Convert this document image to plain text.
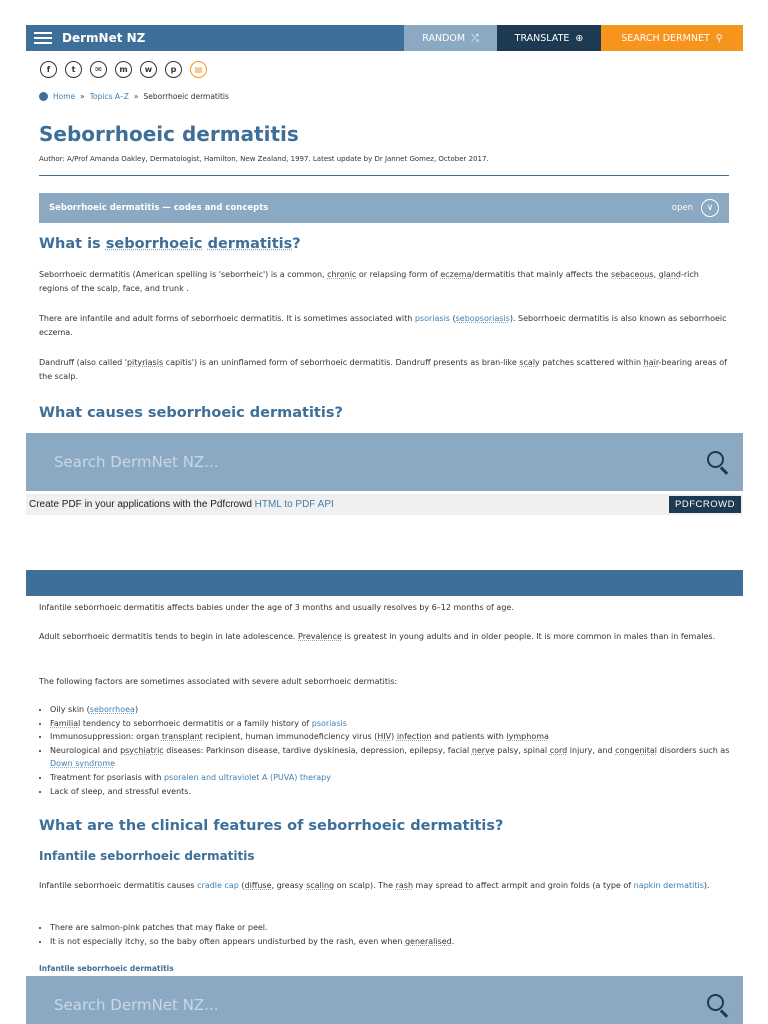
DermNet NZ	RANDOM ⤮	TRANSLATE ⊕	SEARCH DERMNET ⚲
f	t	✉	m	w	p	▤
Home » Topics A–Z » Seborrhoeic dermatitis
Seborrhoeic dermatitis
Author: A/Prof Amanda Oakley, Dermatologist, Hamilton, New Zealand, 1997. Latest update by Dr Jannet Gomez, October 2017.
Seborrhoeic dermatitis — codes and concepts	open	∨
What is seborrhoeic dermatitis?

Seborrhoeic dermatitis (American spelling is 'seborrheic') is a common, chronic or relapsing form of eczema/dermatitis that mainly affects the sebaceous, gland-rich regions of the scalp, face, and trunk .

There are infantile and adult forms of seborrhoeic dermatitis. It is sometimes associated with psoriasis (sebopsoriasis). Seborrhoeic dermatitis is also known as seborrhoeic eczema.

Dandruff (also called 'pityriasis capitis') is an uninflamed form of seborrhoeic dermatitis. Dandruff presents as bran-like scaly patches scattered within hair-bearing areas of the scalp.

What causes seborrhoeic dermatitis?
Search DermNet NZ...
Create PDF in your applications with the Pdfcrowd HTML to PDF API	PDFCROWD

Infantile seborrhoeic dermatitis affects babies under the age of 3 months and usually resolves by 6–12 months of age.

Adult seborrhoeic dermatitis tends to begin in late adolescence. Prevalence is greatest in young adults and in older people. It is more common in males than in females.

The following factors are sometimes associated with severe adult seborrhoeic dermatitis:

• Oily skin (seborrhoea)
• Familial tendency to seborrhoeic dermatitis or a family history of psoriasis
• Immunosuppression: organ transplant recipient, human immunodeficiency virus (HIV) infection and patients with lymphoma
• Neurological and psychiatric diseases: Parkinson disease, tardive dyskinesia, depression, epilepsy, facial nerve palsy, spinal cord injury, and congenital disorders such as Down syndrome
• Treatment for psoriasis with psoralen and ultraviolet A (PUVA) therapy
• Lack of sleep, and stressful events.
What are the clinical features of seborrhoeic dermatitis?
Infantile seborrhoeic dermatitis

Infantile seborrhoeic dermatitis causes cradle cap (diffuse, greasy scaling on scalp). The rash may spread to affect armpit and groin folds (a type of napkin dermatitis).

• There are salmon-pink patches that may flake or peel.
• It is not especially itchy, so the baby often appears undisturbed by the rash, even when generalised.
Infantile seborrhoeic dermatitis
Search DermNet NZ...
